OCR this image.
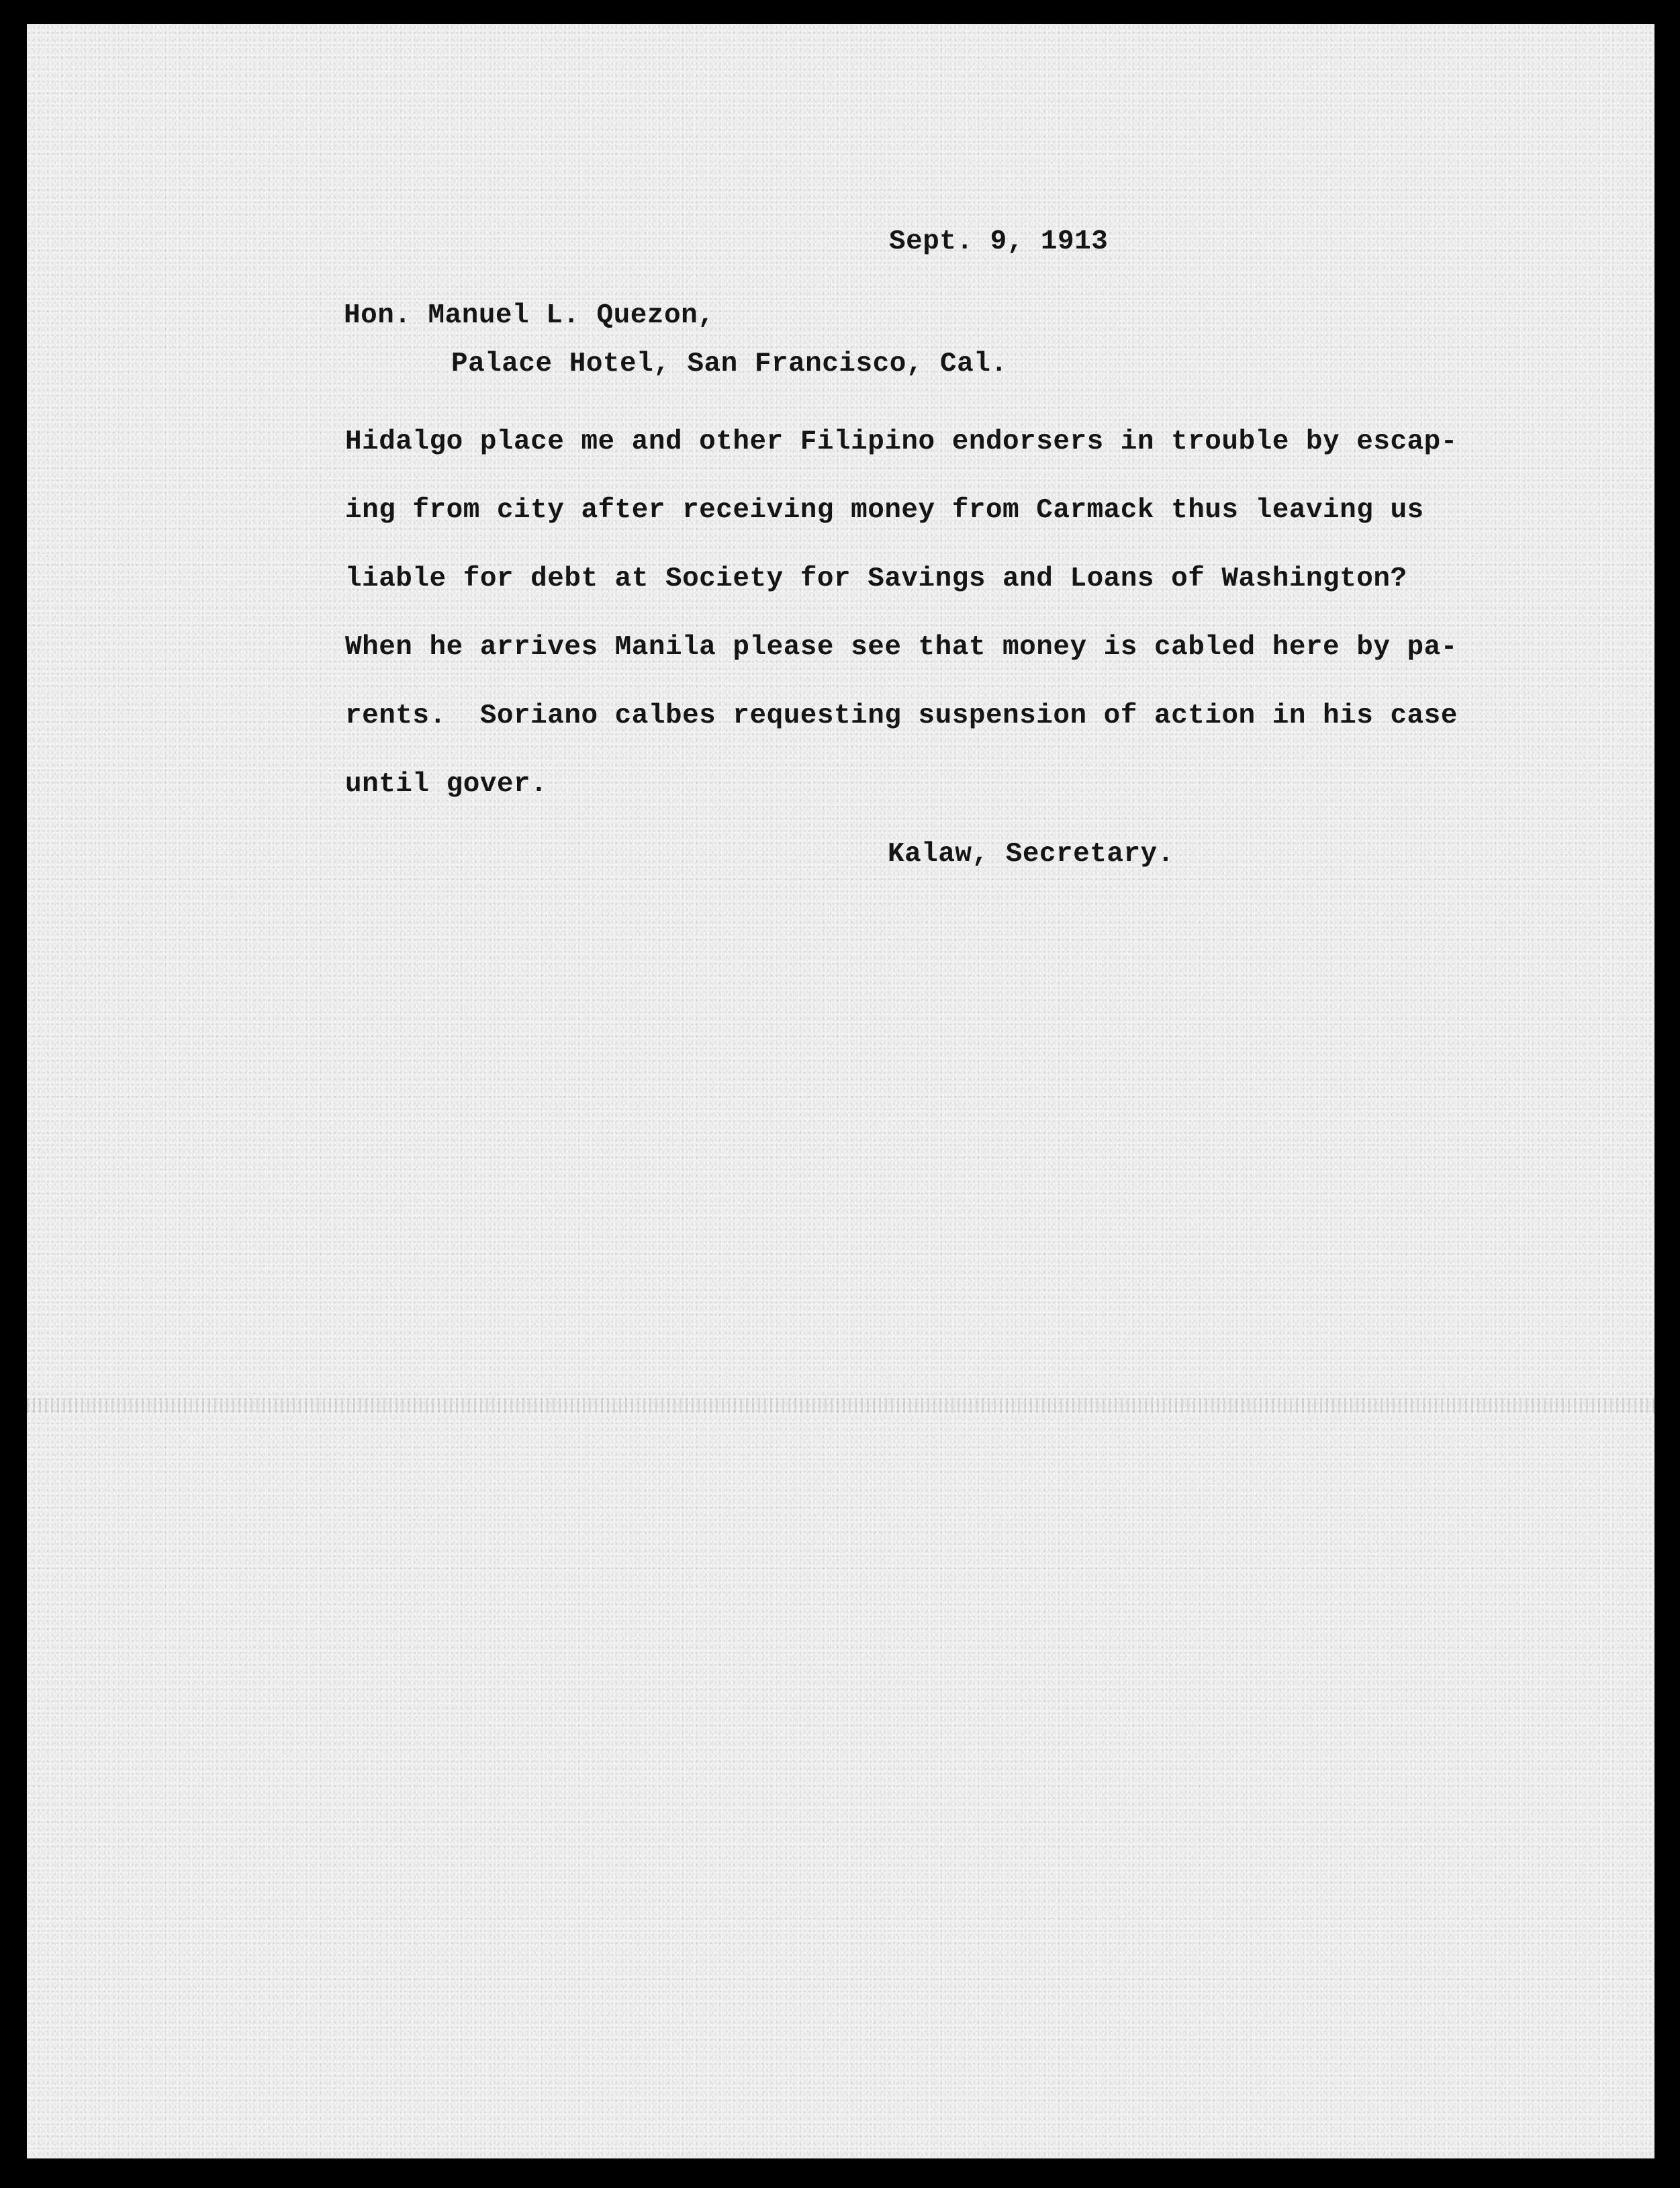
Sept. 9, 1913
Hon. Manuel L. Quezon,
Palace Hotel, San Francisco, Cal.
Hidalgo place me and other Filipino endorsers in trouble by escap-
ing from city after receiving money from Carmack thus leaving us
liable for debt at Society for Savings and Loans of Washington?
When he arrives Manila please see that money is cabled here by pa-
rents.  Soriano calbes requesting suspension of action in his case
until gover.
Kalaw, Secretary.
